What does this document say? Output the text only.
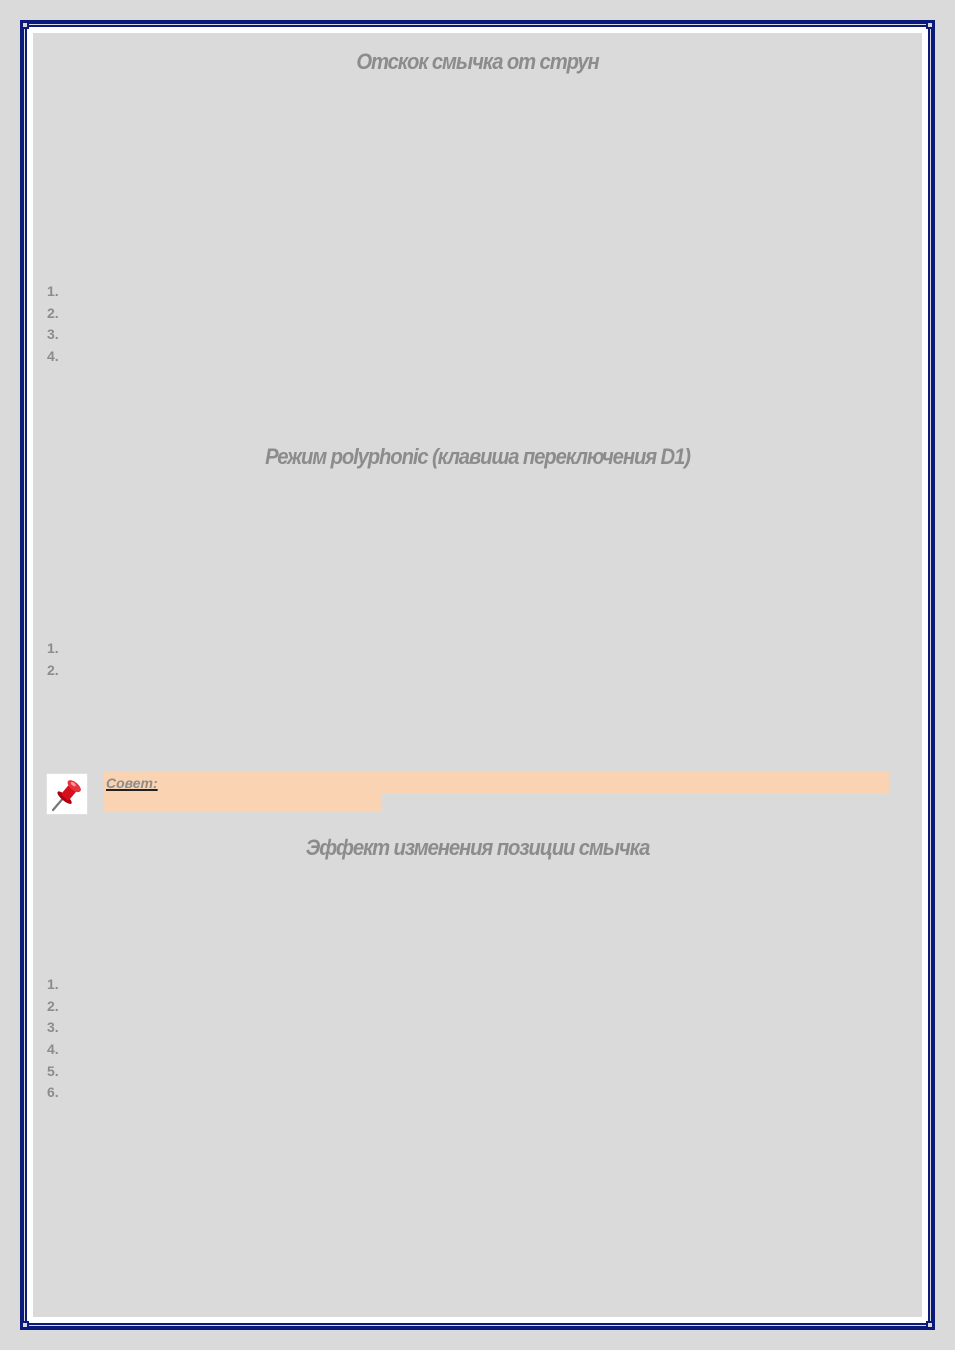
Отскок смычка от струн
1.
2.
3.
4.
Режим polyphonic (клавиша переключения D1)
1.
2.
Совет:
Эффект изменения позиции смычка
1.
2.
3.
4.
5.
6.
